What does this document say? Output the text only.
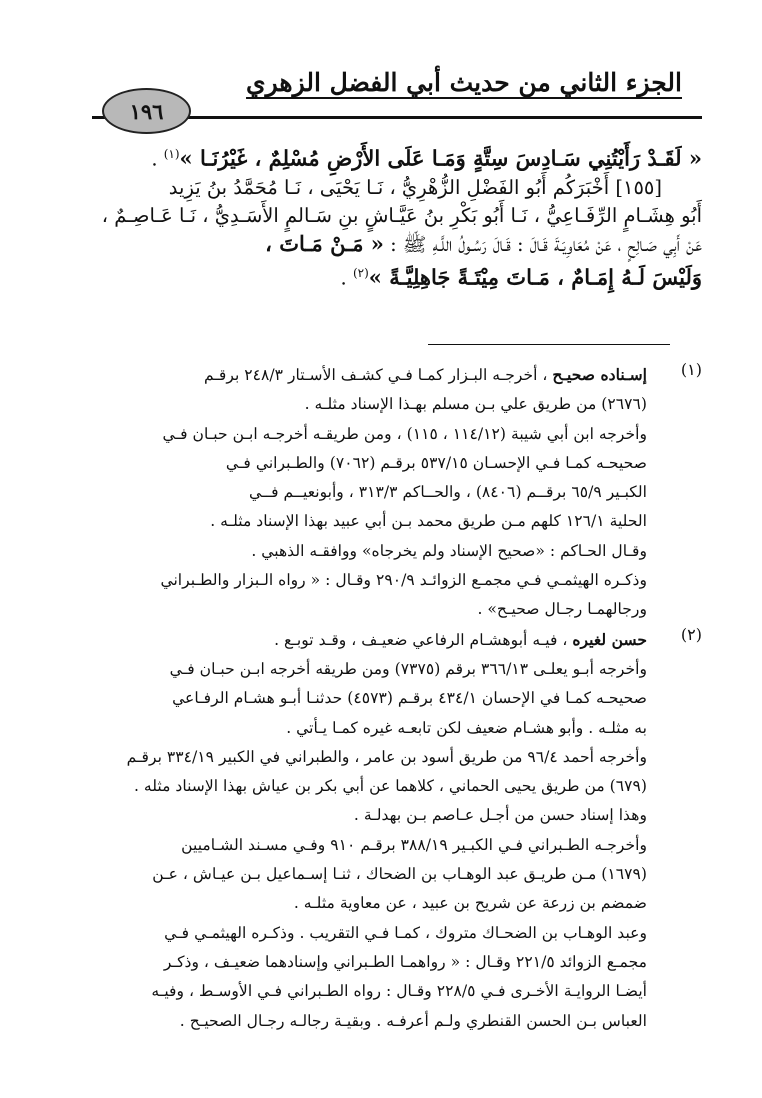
الجزء الثاني من حديث أبي الفضل الزهري
١٩٦
« لَقَـدْ رَأَيْتُنِي سَـادِسَ سِتَّةٍ وَمَـا عَلَى الأَرْضِ مُسْلِمٌ ، غَيْرُنَـا »$^{(١)}$ .
[١٥٥] أَخْبَرَكُم أَبُو الفَضْلِ الزُّهْرِيُّ ، نَـا يَحْيَى ، نَـا مُحَمَّدُ بنُ يَزِيد
أَبُو هِشَـامٍ الرِّفَـاعِيُّ ، نَـا أَبُو بَكْرِ بنُ عَيَّـاشٍ بنِ سَـالمٍ الأَسَـدِيُّ ، نَـا عَـاصِـمٌ ،
عَنْ أَبِي صَـالِحٍ ، عَنْ مُعَاوِيَـةَ قَـالَ : قَـالَ رَسُـولُ اللَّـهِ ﷺ : « مَـنْ مَـاتَ ،
وَلَيْسَ لَـهُ إِمَـامٌ ، مَـاتَ مِيْتَـةً جَاهِلِيَّـةً »$^{(٢)}$ .
(١)

إسـناده صحيـح ، أخرجـه البـزار كمـا فـي كشـف الأسـتار ٢٤٨/٣ برقـم

(٢٦٧٦) من طريق علي بـن مسلم بهـذا الإسناد مثلـه .

وأخرجه ابن أبي شيبة (١١٤/١٢ ، ١١٥) ، ومن طريقـه أخرجـه ابـن حبـان فـي

صحيحـه كمـا فـي الإحسـان ٥٣٧/١٥ برقـم (٧٠٦٢) والطـبراني فـي

الكبـير ٦٥/٩ برقــم (٨٤٠٦) ، والحــاكم ٣١٣/٣ ، وأبونعيــم فــي

الحلية ١٢٦/١ كلهم مـن طريق محمد بـن أبي عبيد بهذا الإسناد مثلـه .

وقـال الحـاكم : «صحيح الإسناد ولم يخرجاه» ووافقـه الذهبي .

وذكـره الهيثمـي فـي مجمـع الزوائـد ٢٩٠/٩ وقـال : « رواه الـبزار والطـبراني

ورجالهمـا رجـال صحيـح» .

(٢)

حسن لغيره ، فيـه أبوهشـام الرفاعي ضعيـف ، وقـد توبـع .

وأخرجه أبـو يعلـى ٣٦٦/١٣ برقم (٧٣٧٥) ومن طريقه أخرجه ابـن حبـان فـي

صحيحـه كمـا في الإحسان ٤٣٤/١ برقـم (٤٥٧٣) حدثنـا أبـو هشـام الرفـاعي

به مثلـه . وأبو هشـام ضعيف لكن تابعـه غيره كمـا يـأتي .

وأخرجه أحمد ٩٦/٤ من طريق أسود بن عامر ، والطبراني في الكبير ٣٣٤/١٩ برقـم

(٦٧٩) من طريق يحيى الحماني ، كلاهما عن أبي بكر بن عياش بهذا الإسناد مثله .

وهذا إسناد حسن من أجـل عـاصم بـن بهدلـة .

وأخرجـه الطـبراني فـي الكبـير ٣٨٨/١٩ برقـم ٩١٠ وفـي مسـند الشـاميين

(١٦٧٩) مـن طريـق عبد الوهـاب بن الضحاك ، ثنـا إسـماعيل بـن عيـاش ، عـن

ضمضم بن زرعة عن شريح بن عبيد ، عن معاوية مثلـه .

وعبد الوهـاب بن الضحـاك متروك ، كمـا فـي التقريب . وذكـره الهيثمـي فـي

مجمـع الزوائد ٢٢١/٥ وقـال : « رواهمـا الطـبراني وإسنادهما ضعيـف ، وذكـر

أيضـا الروايـة الأخـرى فـي ٢٢٨/٥ وقـال : رواه الطـبراني فـي الأوسـط ، وفيـه

العباس بـن الحسن القنطري ولـم أعرفـه . وبقيـة رجالـه رجـال الصحيـح .
